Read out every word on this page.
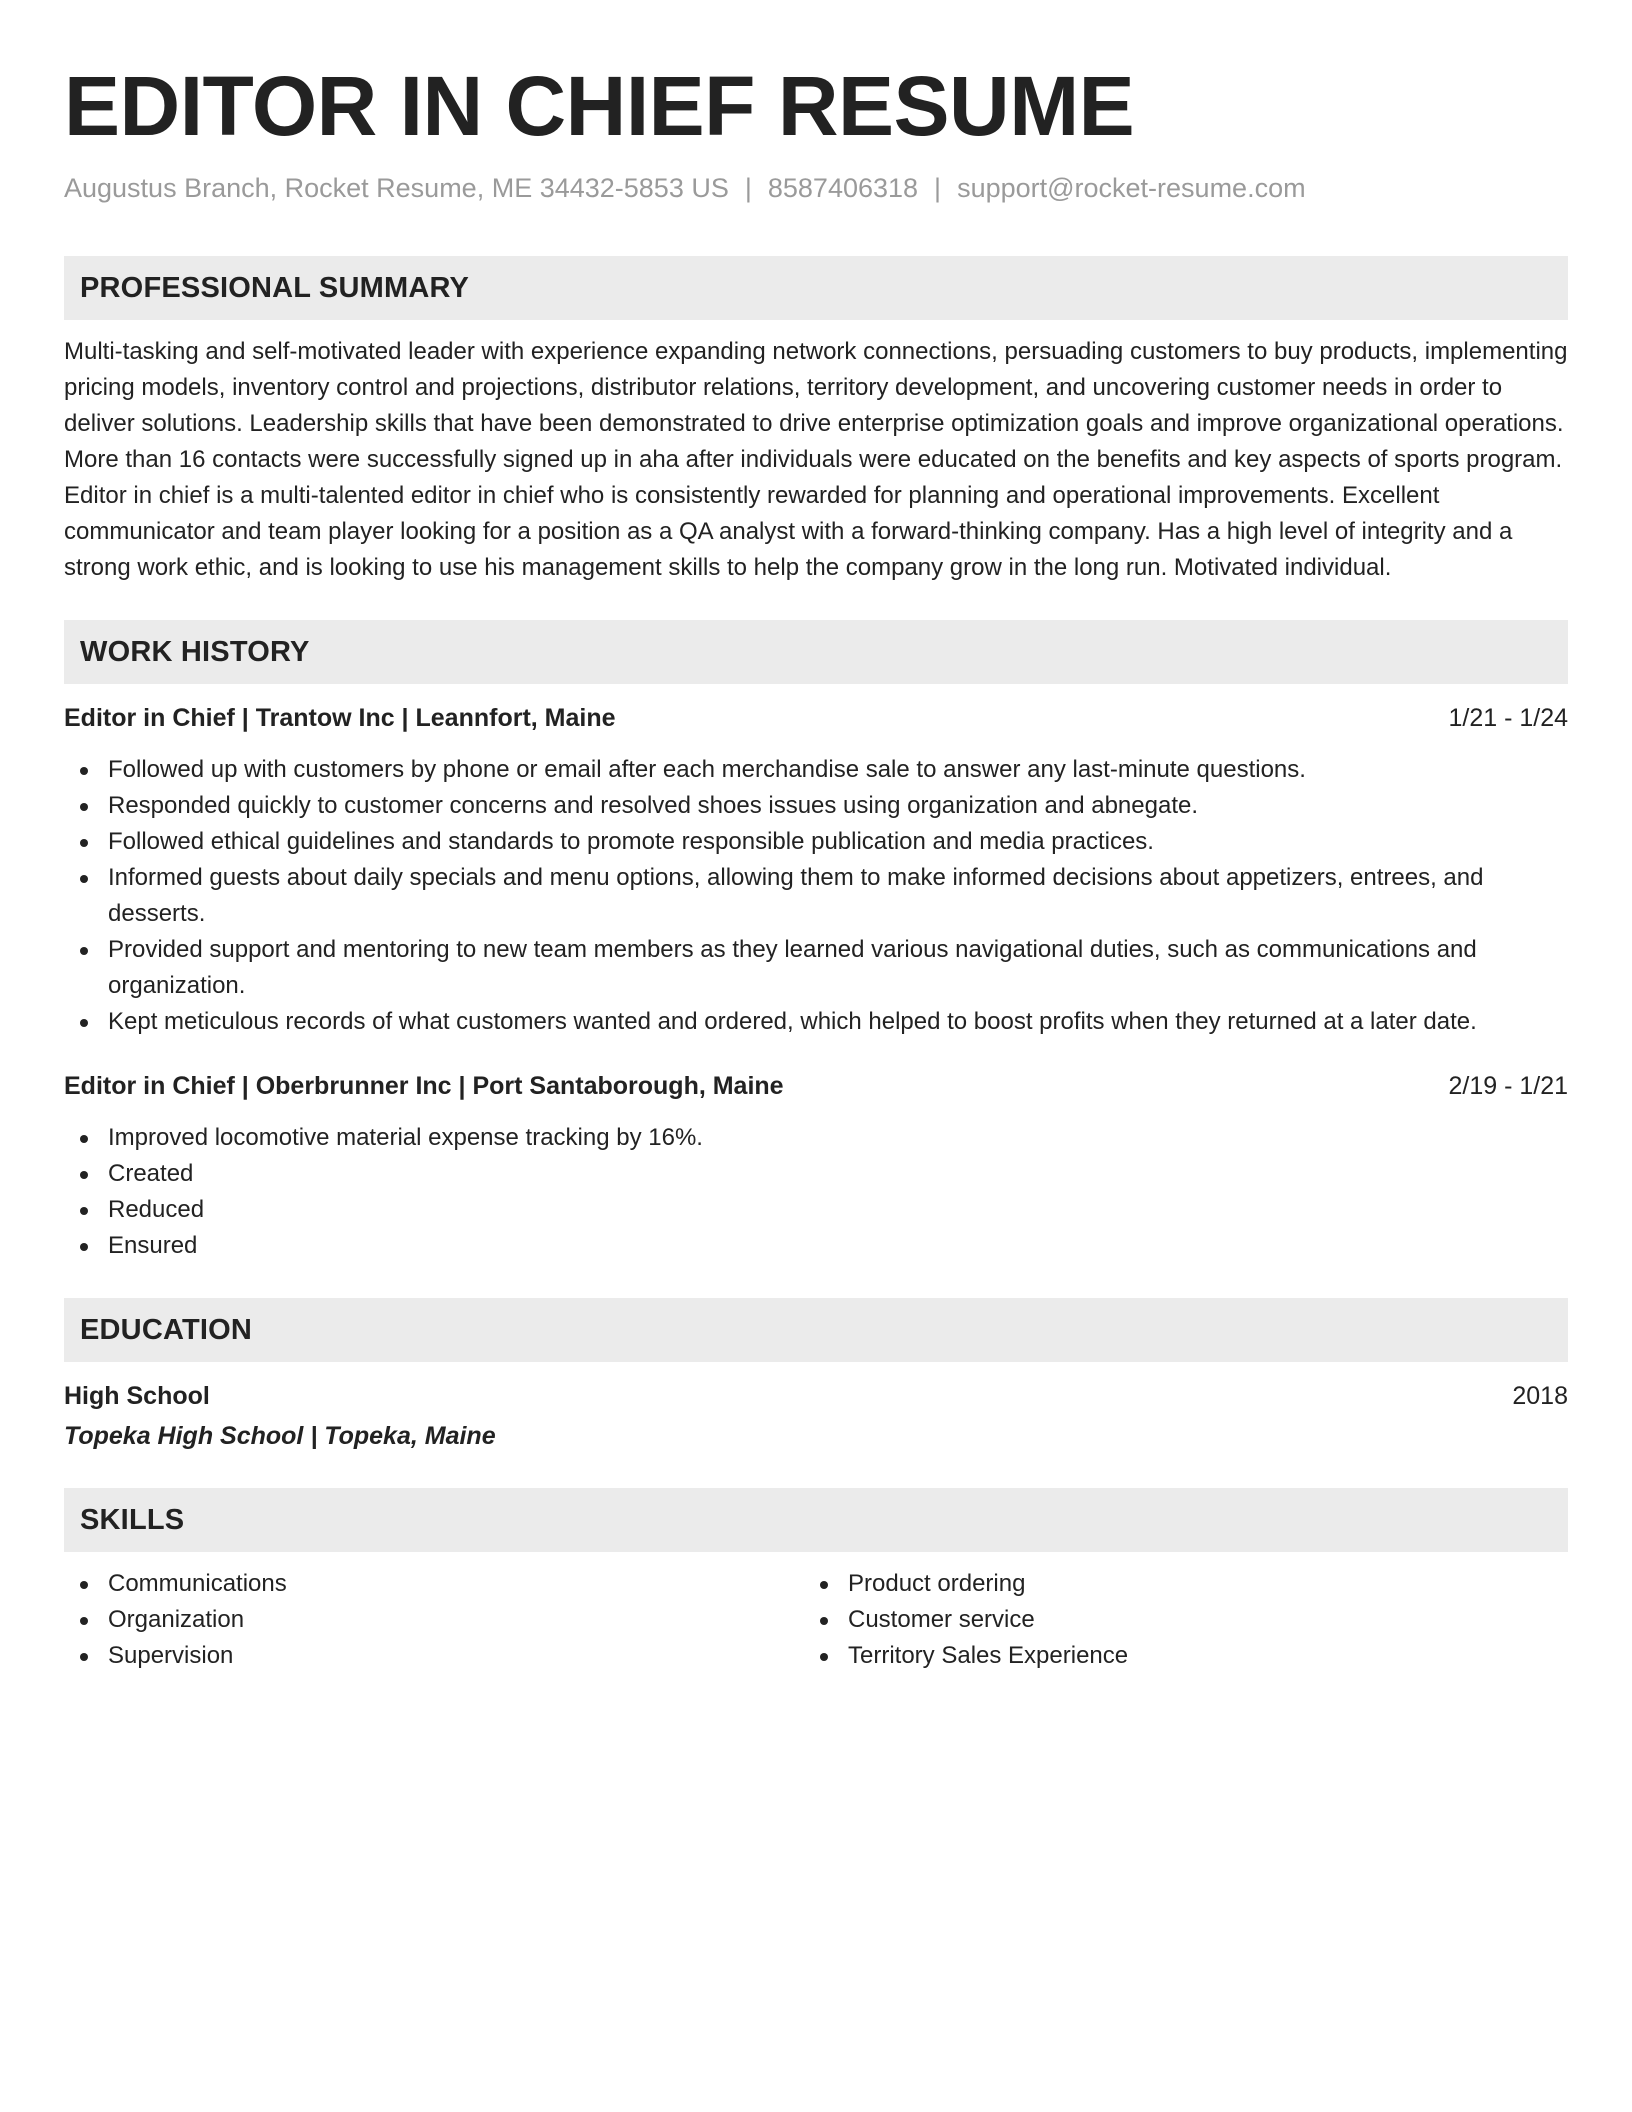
EDITOR IN CHIEF RESUME
Augustus Branch, Rocket Resume, ME 34432-5853 US | 8587406318 | support@rocket-resume.com
PROFESSIONAL SUMMARY
Multi-tasking and self-motivated leader with experience expanding network connections, persuading customers to buy products, implementing pricing models, inventory control and projections, distributor relations, territory development, and uncovering customer needs in order to deliver solutions. Leadership skills that have been demonstrated to drive enterprise optimization goals and improve organizational operations. More than 16 contacts were successfully signed up in aha after individuals were educated on the benefits and key aspects of sports program. Editor in chief is a multi-talented editor in chief who is consistently rewarded for planning and operational improvements. Excellent communicator and team player looking for a position as a QA analyst with a forward-thinking company. Has a high level of integrity and a strong work ethic, and is looking to use his management skills to help the company grow in the long run. Motivated individual.
WORK HISTORY
Editor in Chief | Trantow Inc | Leannfort, Maine	1/21 - 1/24
Followed up with customers by phone or email after each merchandise sale to answer any last-minute questions.
Responded quickly to customer concerns and resolved shoes issues using organization and abnegate.
Followed ethical guidelines and standards to promote responsible publication and media practices.
Informed guests about daily specials and menu options, allowing them to make informed decisions about appetizers, entrees, and desserts.
Provided support and mentoring to new team members as they learned various navigational duties, such as communications and organization.
Kept meticulous records of what customers wanted and ordered, which helped to boost profits when they returned at a later date.
Editor in Chief | Oberbrunner Inc | Port Santaborough, Maine	2/19 - 1/21
Improved locomotive material expense tracking by 16%.
Created
Reduced
Ensured
EDUCATION
High School	2018
Topeka High School | Topeka, Maine
SKILLS
Communications
Organization
Supervision
Product ordering
Customer service
Territory Sales Experience
